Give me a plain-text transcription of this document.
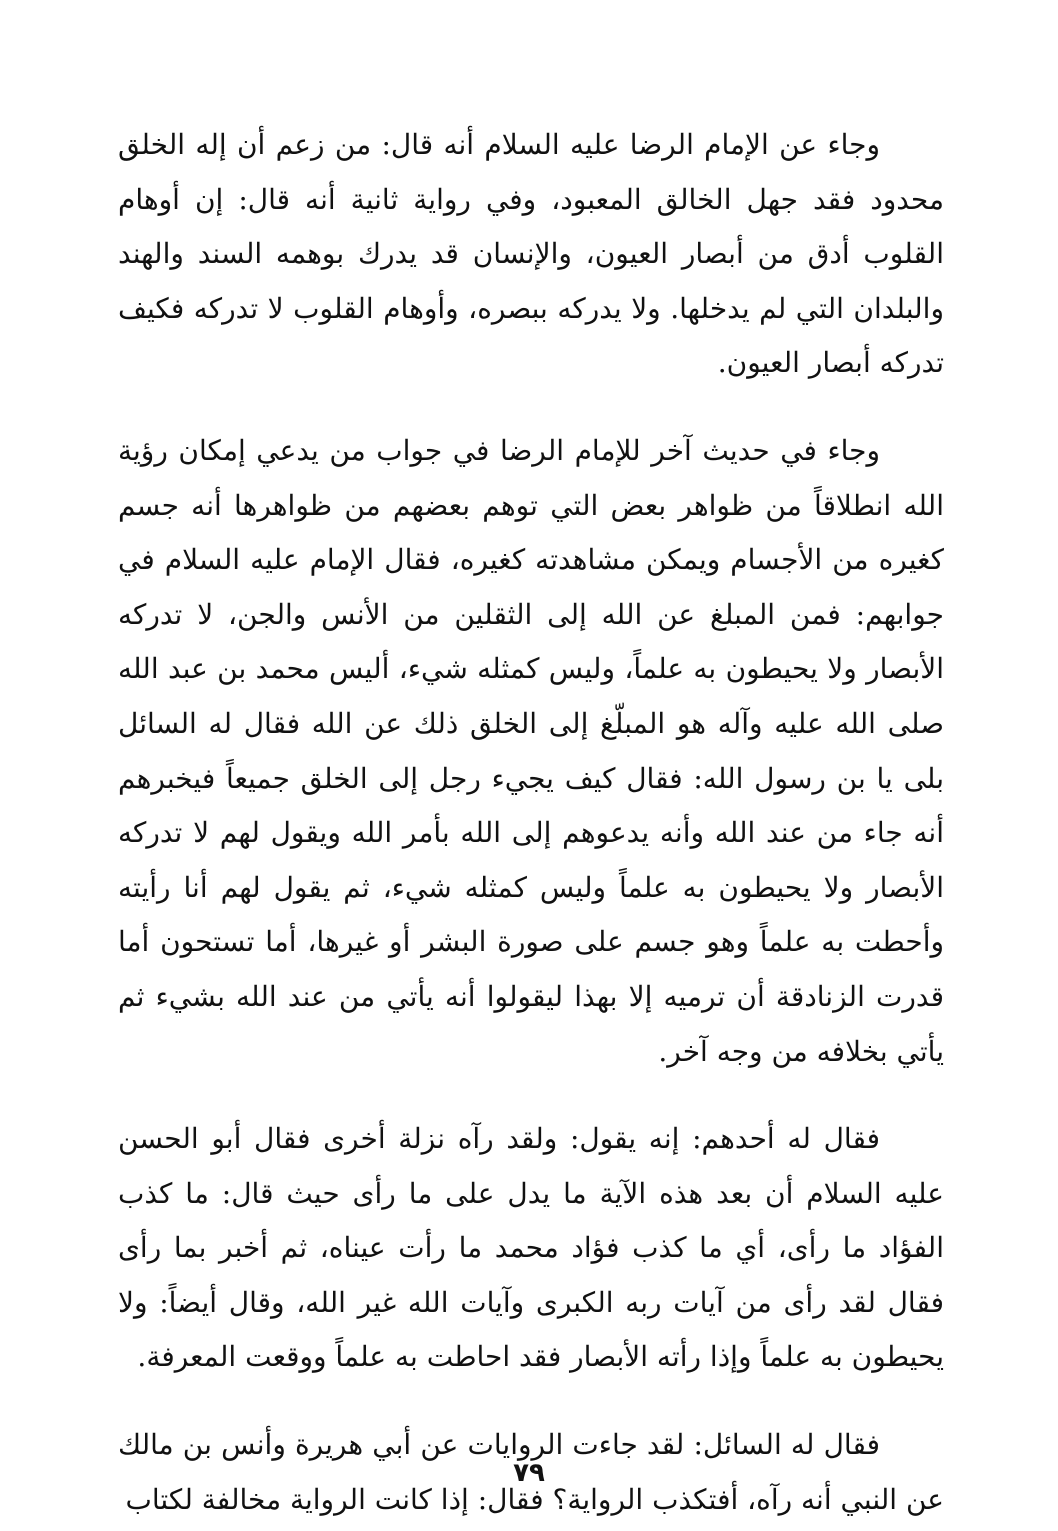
وجاء عن الإمام الرضا عليه السلام أنه قال: من زعم أن إله الخلق محدود فقد جهل الخالق المعبود، وفي رواية ثانية أنه قال: إن أوهام القلوب أدق من أبصار العيون، والإنسان قد يدرك بوهمه السند والهند والبلدان التي لم يدخلها. ولا يدركه ببصره، وأوهام القلوب لا تدركه فكيف تدركه أبصار العيون.

وجاء في حديث آخر للإمام الرضا في جواب من يدعي إمكان رؤية الله انطلاقاً من ظواهر بعض التي توهم بعضهم من ظواهرها أنه جسم كغيره من الأجسام ويمكن مشاهدته كغيره، فقال الإمام عليه السلام في جوابهم: فمن المبلغ عن الله إلى الثقلين من الأنس والجن، لا تدركه الأبصار ولا يحيطون به علماً، وليس كمثله شيء، أليس محمد بن عبد الله صلى الله عليه وآله هو المبلّغ إلى الخلق ذلك عن الله فقال له السائل بلى يا بن رسول الله: فقال كيف يجيء رجل إلى الخلق جميعاً فيخبرهم أنه جاء من عند الله وأنه يدعوهم إلى الله بأمر الله ويقول لهم لا تدركه الأبصار ولا يحيطون به علماً وليس كمثله شيء، ثم يقول لهم أنا رأيته وأحطت به علماً وهو جسم على صورة البشر أو غيرها، أما تستحون أما قدرت الزنادقة أن ترميه إلا بهذا ليقولوا أنه يأتي من عند الله بشيء ثم يأتي بخلافه من وجه آخر.

فقال له أحدهم: إنه يقول: ولقد رآه نزلة أخرى فقال أبو الحسن عليه السلام أن بعد هذه الآية ما يدل على ما رأى حيث قال: ما كذب الفؤاد ما رأى، أي ما كذب فؤاد محمد ما رأت عيناه، ثم أخبر بما رأى فقال لقد رأى من آيات ربه الكبرى وآيات الله غير الله، وقال أيضاً: ولا يحيطون به علماً وإذا رأته الأبصار فقد احاطت به علماً ووقعت المعرفة.

فقال له السائل: لقد جاءت الروايات عن أبي هريرة وأنس بن مالك عن النبي أنه رآه، أفتكذب الرواية؟ فقال: إذا كانت الرواية مخالفة لكتاب

٧٩
